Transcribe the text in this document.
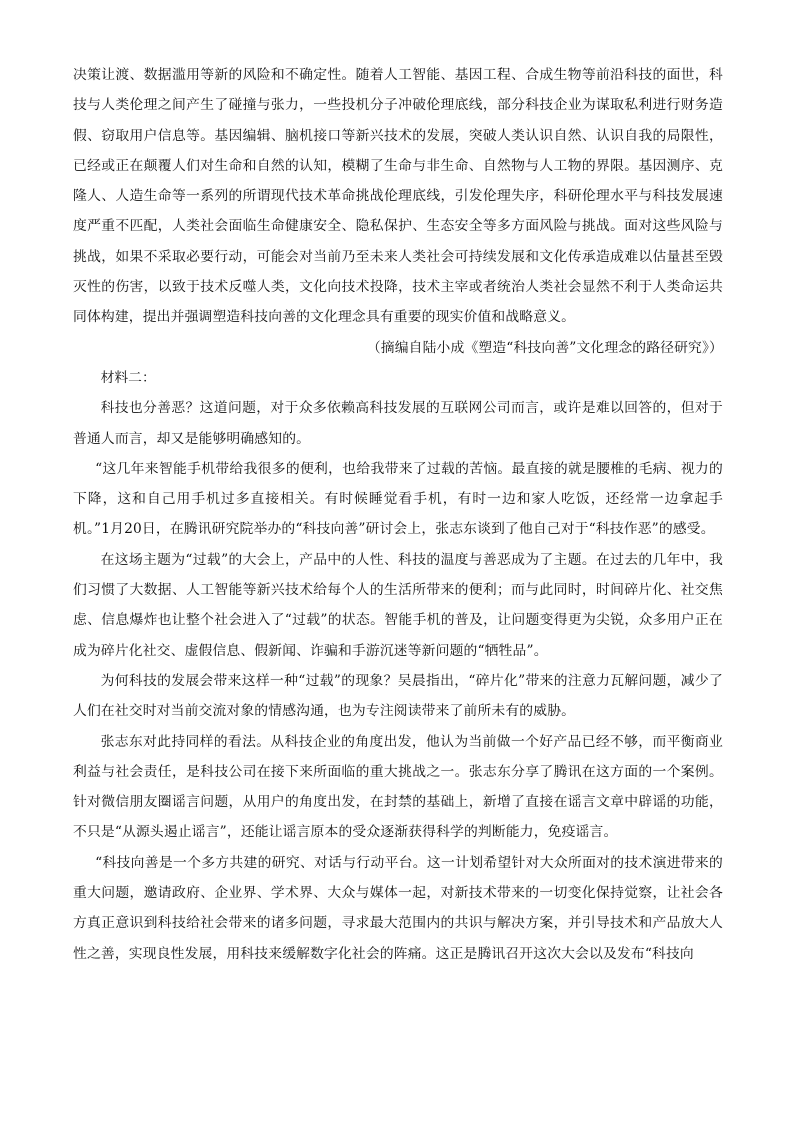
决策让渡、数据滥用等新的风险和不确定性。随着人工智能、基因工程、合成生物等前沿科技的面世，科技与人类伦理之间产生了碰撞与张力，一些投机分子冲破伦理底线，部分科技企业为谋取私利进行财务造假、窃取用户信息等。基因编辑、脑机接口等新兴技术的发展，突破人类认识自然、认识自我的局限性，已经或正在颠覆人们对生命和自然的认知，模糊了生命与非生命、自然物与人工物的界限。基因测序、克隆人、人造生命等一系列的所谓现代技术革命挑战伦理底线，引发伦理失序，科研伦理水平与科技发展速度严重不匹配，人类社会面临生命健康安全、隐私保护、生态安全等多方面风险与挑战。面对这些风险与挑战，如果不采取必要行动，可能会对当前乃至未来人类社会可持续发展和文化传承造成难以估量甚至毁灭性的伤害，以致于技术反噬人类，文化向技术投降，技术主宰或者统治人类社会显然不利于人类命运共同体构建，提出并强调塑造科技向善的文化理念具有重要的现实价值和战略意义。

（摘编自陆小成《塑造“科技向善”文化理念的路径研究》）

材料二：

科技也分善恶？这道问题，对于众多依赖高科技发展的互联网公司而言，或许是难以回答的，但对于普通人而言，却又是能够明确感知的。

“这几年来智能手机带给我很多的便利，也给我带来了过载的苦恼。最直接的就是腰椎的毛病、视力的下降，这和自己用手机过多直接相关。有时候睡觉看手机，有时一边和家人吃饭，还经常一边拿起手机。”1月20日，在腾讯研究院举办的“科技向善”研讨会上，张志东谈到了他自己对于“科技作恶”的感受。

在这场主题为“过载”的大会上，产品中的人性、科技的温度与善恶成为了主题。在过去的几年中，我们习惯了大数据、人工智能等新兴技术给每个人的生活所带来的便利；而与此同时，时间碎片化、社交焦虑、信息爆炸也让整个社会进入了“过载”的状态。智能手机的普及，让问题变得更为尖锐，众多用户正在成为碎片化社交、虚假信息、假新闻、诈骗和手游沉迷等新问题的“牺牲品”。

为何科技的发展会带来这样一种“过载”的现象？吴晨指出，“碎片化”带来的注意力瓦解问题，减少了人们在社交时对当前交流对象的情感沟通，也为专注阅读带来了前所未有的威胁。

张志东对此持同样的看法。从科技企业的角度出发，他认为当前做一个好产品已经不够，而平衡商业利益与社会责任，是科技公司在接下来所面临的重大挑战之一。张志东分享了腾讯在这方面的一个案例。针对微信朋友圈谣言问题，从用户的角度出发，在封禁的基础上，新增了直接在谣言文章中辟谣的功能，不只是“从源头遏止谣言”，还能让谣言原本的受众逐渐获得科学的判断能力，免疫谣言。

“科技向善是一个多方共建的研究、对话与行动平台。这一计划希望针对大众所面对的技术演进带来的重大问题，邀请政府、企业界、学术界、大众与媒体一起，对新技术带来的一切变化保持觉察，让社会各方真正意识到科技给社会带来的诸多问题，寻求最大范围内的共识与解决方案，并引导技术和产品放大人性之善，实现良性发展，用科技来缓解数字化社会的阵痛。这正是腾讯召开这次大会以及发布“科技向
